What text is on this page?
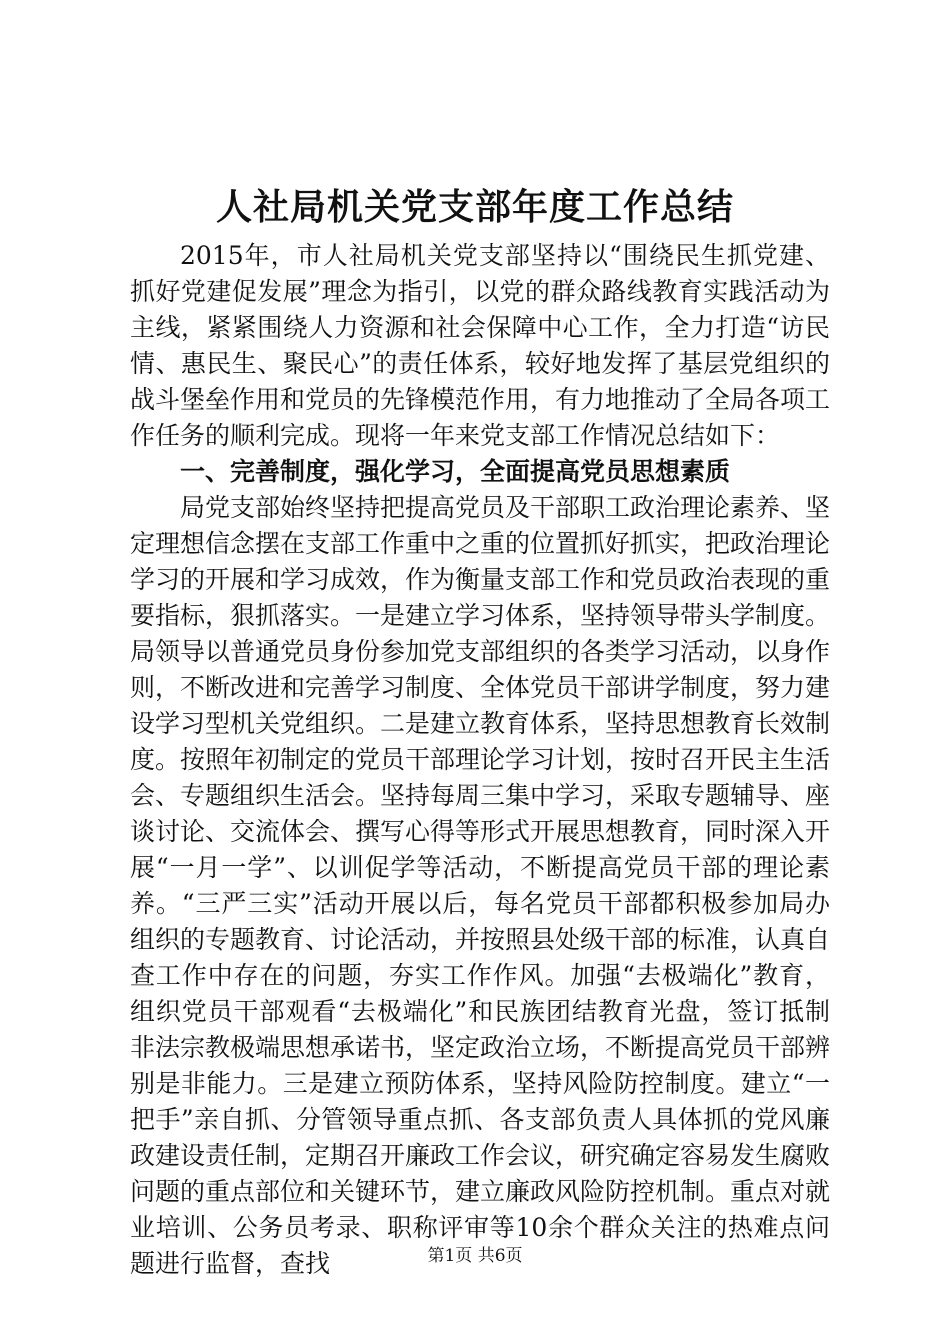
人社局机关党支部年度工作总结

2015年，市人社局机关党支部坚持以“围绕民生抓党建、抓好党建促发展”理念为指引，以党的群众路线教育实践活动为主线，紧紧围绕人力资源和社会保障中心工作，全力打造“访民情、惠民生、聚民心”的责任体系，较好地发挥了基层党组织的战斗堡垒作用和党员的先锋模范作用，有力地推动了全局各项工作任务的顺利完成。现将一年来党支部工作情况总结如下：

一、完善制度，强化学习，全面提高党员思想素质

局党支部始终坚持把提高党员及干部职工政治理论素养、坚定理想信念摆在支部工作重中之重的位置抓好抓实，把政治理论学习的开展和学习成效，作为衡量支部工作和党员政治表现的重要指标，狠抓落实。一是建立学习体系，坚持领导带头学制度。局领导以普通党员身份参加党支部组织的各类学习活动，以身作则，不断改进和完善学习制度、全体党员干部讲学制度，努力建设学习型机关党组织。二是建立教育体系，坚持思想教育长效制度。按照年初制定的党员干部理论学习计划，按时召开民主生活会、专题组织生活会。坚持每周三集中学习，采取专题辅导、座谈讨论、交流体会、撰写心得等形式开展思想教育，同时深入开展“一月一学”、以训促学等活动，不断提高党员干部的理论素养。“三严三实”活动开展以后，每名党员干部都积极参加局办组织的专题教育、讨论活动，并按照县处级干部的标准，认真自查工作中存在的问题，夯实工作作风。加强“去极端化”教育，组织党员干部观看“去极端化”和民族团结教育光盘，签订抵制非法宗教极端思想承诺书，坚定政治立场，不断提高党员干部辨别是非能力。三是建立预防体系，坚持风险防控制度。建立“一把手”亲自抓、分管领导重点抓、各支部负责人具体抓的党风廉政建设责任制，定期召开廉政工作会议，研究确定容易发生腐败问题的重点部位和关键环节，建立廉政风险防控机制。重点对就业培训、公务员考录、职称评审等10余个群众关注的热难点问题进行监督，查找	第1页 共6页
